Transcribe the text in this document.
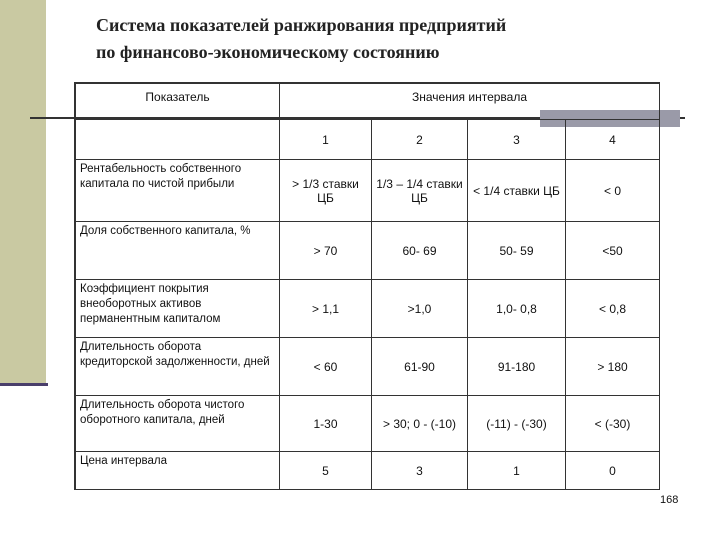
Система показателей ранжирования предприятий
по финансово-экономическому состоянию
Показатель	Значения интервала			
	1	2	3	4
Рентабельность собственного капитала по чистой прибыли	> 1/3 ставки ЦБ	1/3 – 1/4 ставки ЦБ	< 1/4 ставки ЦБ	< 0
Доля собственного капитала, %	> 70	60- 69	50- 59	<50
Коэффициент покрытия внеоборотных активов перманентным капиталом	> 1,1	>1,0	1,0- 0,8	< 0,8
Длительность оборота кредиторской задолженности, дней	< 60	61-90	91-180	> 180
Длительность оборота чистого оборотного капитала, дней	1-30	> 30; 0 - (-10)	(-11) - (-30)	< (-30)
Цена интервала	5	3	1	0
168
